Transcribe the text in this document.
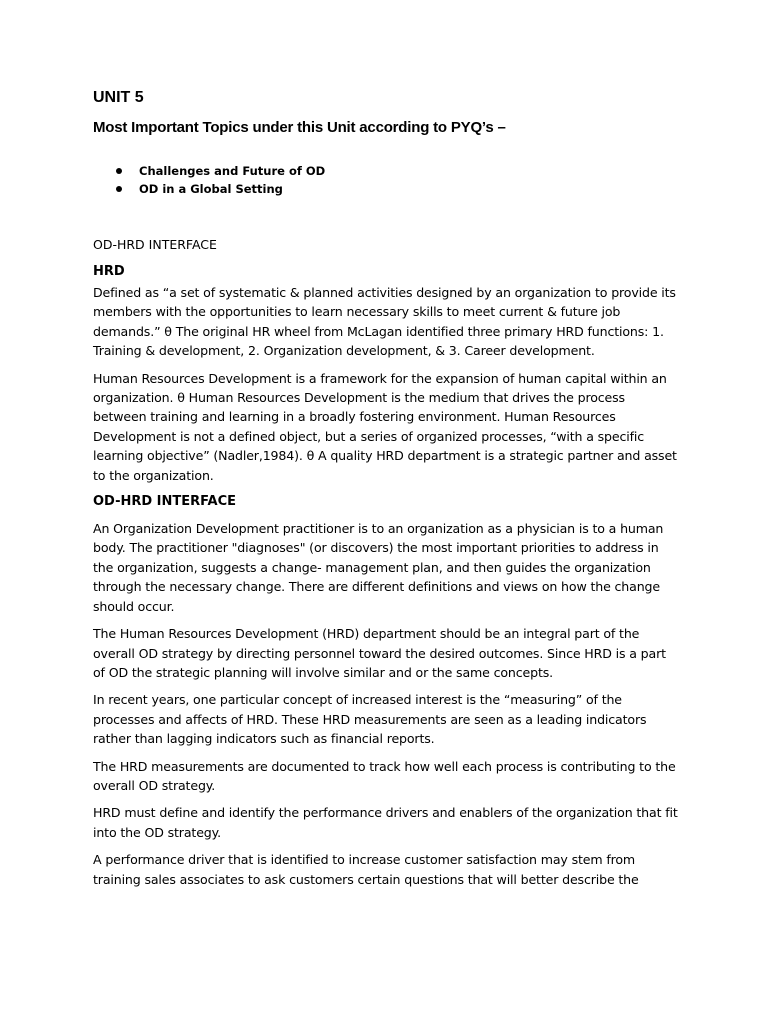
UNIT 5
Most Important Topics under this Unit according to PYQ’s –
Challenges and Future of OD
OD in a Global Setting
OD-HRD INTERFACE
HRD

Defined as “a set of systematic & planned activities designed by an organization to provide its members with the opportunities to learn necessary skills to meet current & future job demands.” θ The original HR wheel from McLagan identified three primary HRD functions: 1. Training & development, 2. Organization development, & 3. Career development.

Human Resources Development is a framework for the expansion of human capital within an organization. θ Human Resources Development is the medium that drives the process between training and learning in a broadly fostering environment. Human Resources Development is not a defined object, but a series of organized processes, “with a specific learning objective” (Nadler,1984). θ A quality HRD department is a strategic partner and asset to the organization.

OD-HRD INTERFACE

An Organization Development practitioner is to an organization as a physician is to a human body. The practitioner "diagnoses" (or discovers) the most important priorities to address in the organization, suggests a change- management plan, and then guides the organization through the necessary change. There are different definitions and views on how the change should occur.

The Human Resources Development (HRD) department should be an integral part of the overall OD strategy by directing personnel toward the desired outcomes. Since HRD is a part of OD the strategic planning will involve similar and or the same concepts.

In recent years, one particular concept of increased interest is the “measuring” of the processes and affects of HRD. These HRD measurements are seen as a leading indicators rather than lagging indicators such as financial reports.

The HRD measurements are documented to track how well each process is contributing to the overall OD strategy.

HRD must define and identify the performance drivers and enablers of the organization that fit into the OD strategy.

A performance driver that is identified to increase customer satisfaction may stem from training sales associates to ask customers certain questions that will better describe the
